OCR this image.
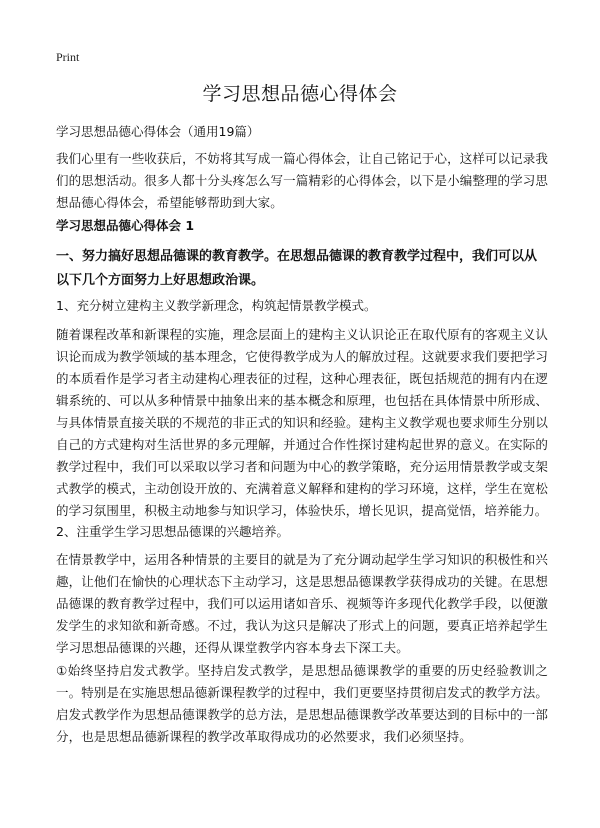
Print
学习思想品德心得体会
学习思想品德心得体会（通用19篇）

我们心里有一些收获后，不妨将其写成一篇心得体会，让自己铭记于心，这样可以记录我们的思想活动。很多人都十分头疼怎么写一篇精彩的心得体会，以下是小编整理的学习思想品德心得体会，希望能够帮助到大家。

学习思想品德心得体会 1

一、努力搞好思想品德课的教育教学。在思想品德课的教育教学过程中，我们可以从以下几个方面努力上好思想政治课。

1、充分树立建构主义教学新理念，构筑起情景教学模式。

随着课程改革和新课程的实施，理念层面上的建构主义认识论正在取代原有的客观主义认识论而成为教学领域的基本理念，它使得教学成为人的解放过程。这就要求我们要把学习的本质看作是学习者主动建构心理表征的过程，这种心理表征，既包括规范的拥有内在逻辑系统的、可以从多种情景中抽象出来的基本概念和原理，也包括在具体情景中所形成、与具体情景直接关联的不规范的非正式的知识和经验。建构主义教学观也要求师生分别以自己的方式建构对生活世界的多元理解，并通过合作性探讨建构起世界的意义。在实际的教学过程中，我们可以采取以学习者和问题为中心的教学策略，充分运用情景教学或支架式教学的模式，主动创设开放的、充满着意义解释和建构的学习环境，这样，学生在宽松的学习氛围里，积极主动地参与知识学习，体验快乐，增长见识，提高觉悟，培养能力。

2、注重学生学习思想品德课的兴趣培养。

在情景教学中，运用各种情景的主要目的就是为了充分调动起学生学习知识的积极性和兴趣，让他们在愉快的心理状态下主动学习，这是思想品德课教学获得成功的关键。在思想品德课的教育教学过程中，我们可以运用诸如音乐、视频等许多现代化教学手段，以便激发学生的求知欲和新奇感。不过，我认为这只是解决了形式上的问题，要真正培养起学生学习思想品德课的兴趣，还得从课堂教学内容本身去下深工夫。

①始终坚持启发式教学。坚持启发式教学，是思想品德课教学的重要的历史经验教训之一。特别是在实施思想品德新课程教学的过程中，我们更要坚持贯彻启发式的教学方法。启发式教学作为思想品德课教学的总方法，是思想品德课教学改革要达到的目标中的一部分，也是思想品德新课程的教学改革取得成功的必然要求，我们必须坚持。
